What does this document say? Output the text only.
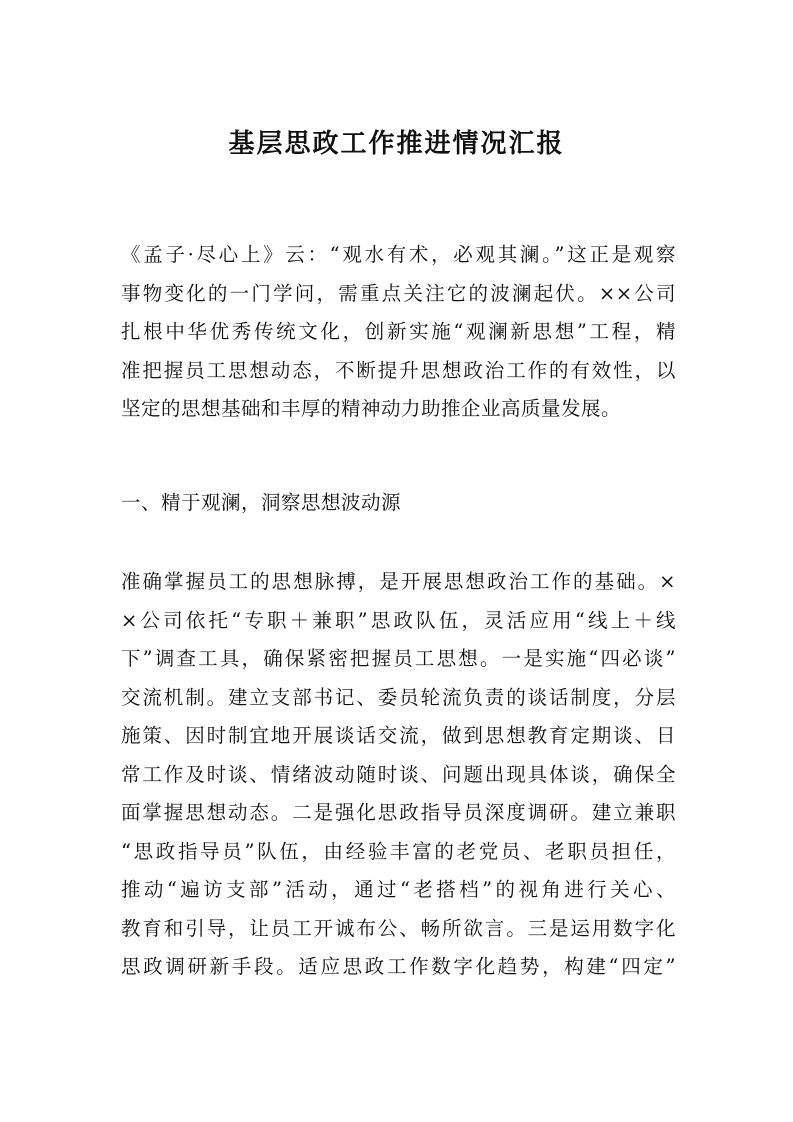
基层思政工作推进情况汇报
《孟子·尽心上》云：“观水有术，必观其澜。”这正是观察
事物变化的一门学问，需重点关注它的波澜起伏。××公司
扎根中华优秀传统文化，创新实施“观澜新思想”工程，精
准把握员工思想动态，不断提升思想政治工作的有效性，以
坚定的思想基础和丰厚的精神动力助推企业高质量发展。
一、精于观澜，洞察思想波动源
准确掌握员工的思想脉搏，是开展思想政治工作的基础。×
×公司依托“专职＋兼职”思政队伍，灵活应用“线上＋线
下”调查工具，确保紧密把握员工思想。一是实施“四必谈”
交流机制。建立支部书记、委员轮流负责的谈话制度，分层
施策、因时制宜地开展谈话交流，做到思想教育定期谈、日
常工作及时谈、情绪波动随时谈、问题出现具体谈，确保全
面掌握思想动态。二是强化思政指导员深度调研。建立兼职
“思政指导员”队伍，由经验丰富的老党员、老职员担任，
推动“遍访支部”活动，通过“老搭档”的视角进行关心、
教育和引导，让员工开诚布公、畅所欲言。三是运用数字化
思政调研新手段。适应思政工作数字化趋势，构建“四定”
